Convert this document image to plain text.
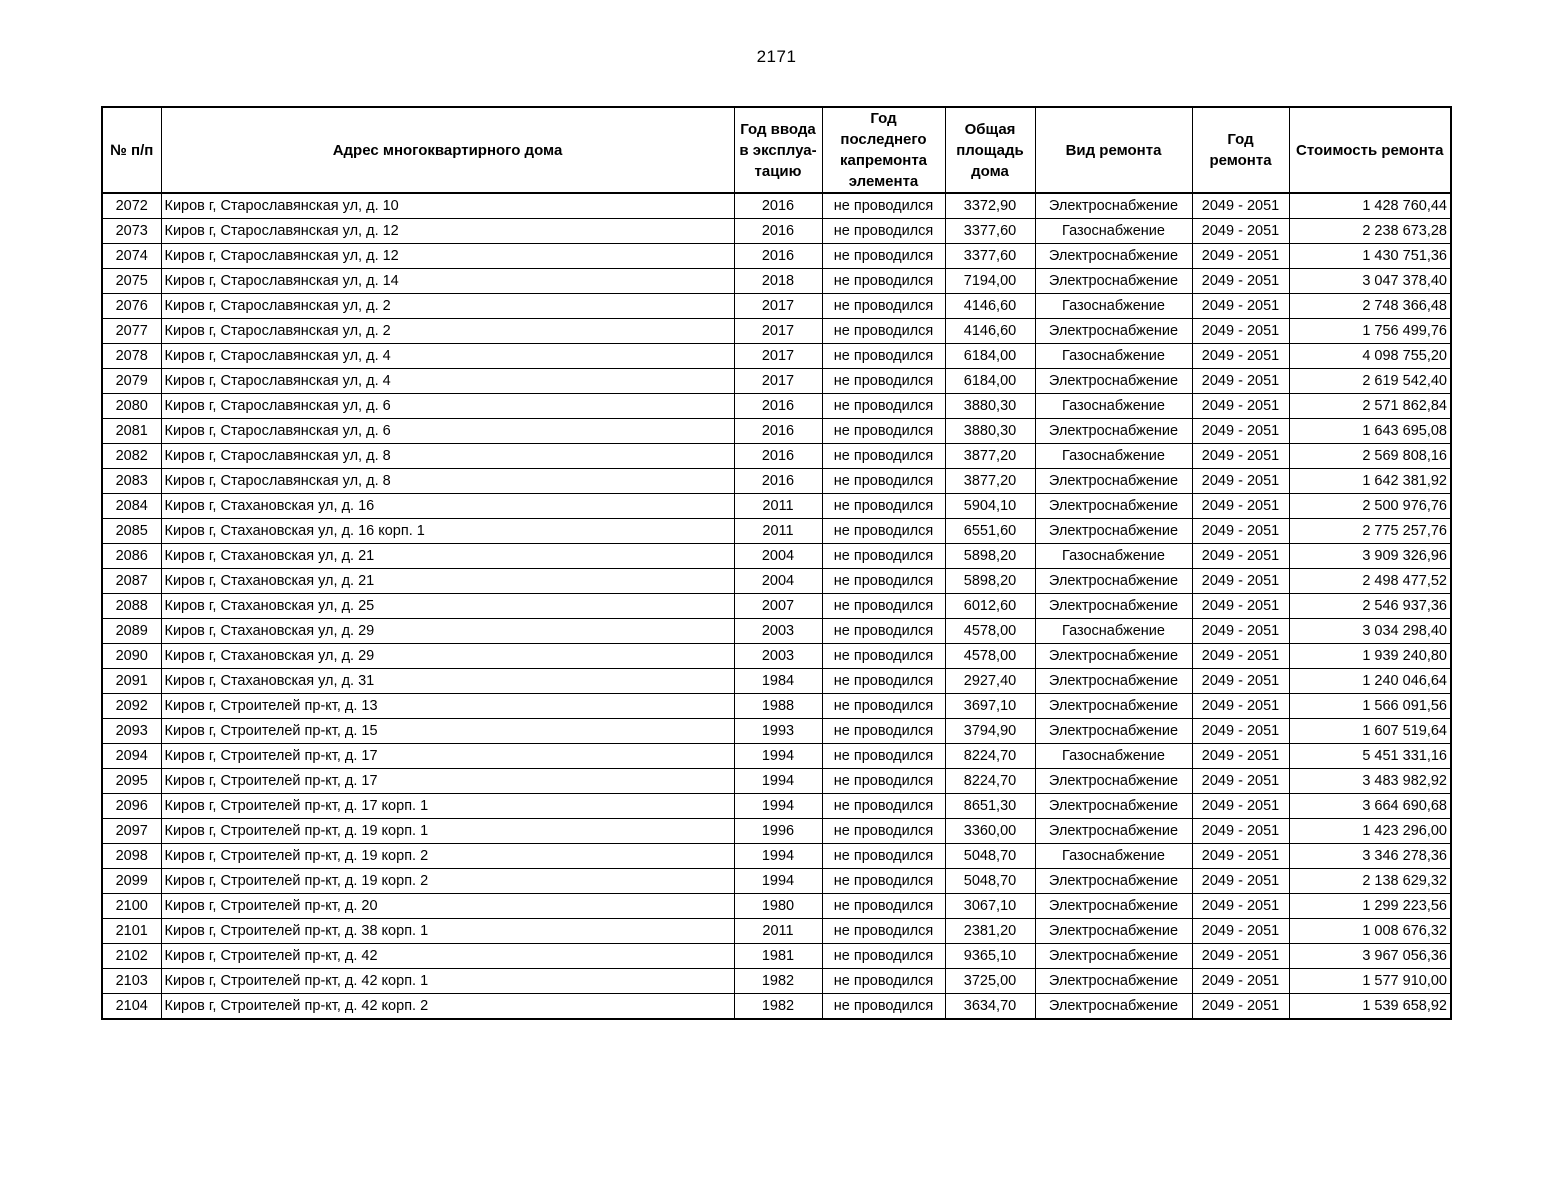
2171
№ п/п	Адрес многоквартирного дома	Год ввода в эксплуа-тацию	Год последнего капремонта элемента	Общая площадь дома	Вид ремонта	Год ремонта	Стоимость ремонта
2072	Киров г, Старославянская ул, д. 10	2016	не проводился	3372,90	Электроснабжение	2049 - 2051	1 428 760,44
2073	Киров г, Старославянская ул, д. 12	2016	не проводился	3377,60	Газоснабжение	2049 - 2051	2 238 673,28
2074	Киров г, Старославянская ул, д. 12	2016	не проводился	3377,60	Электроснабжение	2049 - 2051	1 430 751,36
2075	Киров г, Старославянская ул, д. 14	2018	не проводился	7194,00	Электроснабжение	2049 - 2051	3 047 378,40
2076	Киров г, Старославянская ул, д. 2	2017	не проводился	4146,60	Газоснабжение	2049 - 2051	2 748 366,48
2077	Киров г, Старославянская ул, д. 2	2017	не проводился	4146,60	Электроснабжение	2049 - 2051	1 756 499,76
2078	Киров г, Старославянская ул, д. 4	2017	не проводился	6184,00	Газоснабжение	2049 - 2051	4 098 755,20
2079	Киров г, Старославянская ул, д. 4	2017	не проводился	6184,00	Электроснабжение	2049 - 2051	2 619 542,40
2080	Киров г, Старославянская ул, д. 6	2016	не проводился	3880,30	Газоснабжение	2049 - 2051	2 571 862,84
2081	Киров г, Старославянская ул, д. 6	2016	не проводился	3880,30	Электроснабжение	2049 - 2051	1 643 695,08
2082	Киров г, Старославянская ул, д. 8	2016	не проводился	3877,20	Газоснабжение	2049 - 2051	2 569 808,16
2083	Киров г, Старославянская ул, д. 8	2016	не проводился	3877,20	Электроснабжение	2049 - 2051	1 642 381,92
2084	Киров г, Стахановская ул, д. 16	2011	не проводился	5904,10	Электроснабжение	2049 - 2051	2 500 976,76
2085	Киров г, Стахановская ул, д. 16 корп. 1	2011	не проводился	6551,60	Электроснабжение	2049 - 2051	2 775 257,76
2086	Киров г, Стахановская ул, д. 21	2004	не проводился	5898,20	Газоснабжение	2049 - 2051	3 909 326,96
2087	Киров г, Стахановская ул, д. 21	2004	не проводился	5898,20	Электроснабжение	2049 - 2051	2 498 477,52
2088	Киров г, Стахановская ул, д. 25	2007	не проводился	6012,60	Электроснабжение	2049 - 2051	2 546 937,36
2089	Киров г, Стахановская ул, д. 29	2003	не проводился	4578,00	Газоснабжение	2049 - 2051	3 034 298,40
2090	Киров г, Стахановская ул, д. 29	2003	не проводился	4578,00	Электроснабжение	2049 - 2051	1 939 240,80
2091	Киров г, Стахановская ул, д. 31	1984	не проводился	2927,40	Электроснабжение	2049 - 2051	1 240 046,64
2092	Киров г, Строителей пр-кт, д. 13	1988	не проводился	3697,10	Электроснабжение	2049 - 2051	1 566 091,56
2093	Киров г, Строителей пр-кт, д. 15	1993	не проводился	3794,90	Электроснабжение	2049 - 2051	1 607 519,64
2094	Киров г, Строителей пр-кт, д. 17	1994	не проводился	8224,70	Газоснабжение	2049 - 2051	5 451 331,16
2095	Киров г, Строителей пр-кт, д. 17	1994	не проводился	8224,70	Электроснабжение	2049 - 2051	3 483 982,92
2096	Киров г, Строителей пр-кт, д. 17 корп. 1	1994	не проводился	8651,30	Электроснабжение	2049 - 2051	3 664 690,68
2097	Киров г, Строителей пр-кт, д. 19 корп. 1	1996	не проводился	3360,00	Электроснабжение	2049 - 2051	1 423 296,00
2098	Киров г, Строителей пр-кт, д. 19 корп. 2	1994	не проводился	5048,70	Газоснабжение	2049 - 2051	3 346 278,36
2099	Киров г, Строителей пр-кт, д. 19 корп. 2	1994	не проводился	5048,70	Электроснабжение	2049 - 2051	2 138 629,32
2100	Киров г, Строителей пр-кт, д. 20	1980	не проводился	3067,10	Электроснабжение	2049 - 2051	1 299 223,56
2101	Киров г, Строителей пр-кт, д. 38 корп. 1	2011	не проводился	2381,20	Электроснабжение	2049 - 2051	1 008 676,32
2102	Киров г, Строителей пр-кт, д. 42	1981	не проводился	9365,10	Электроснабжение	2049 - 2051	3 967 056,36
2103	Киров г, Строителей пр-кт, д. 42 корп. 1	1982	не проводился	3725,00	Электроснабжение	2049 - 2051	1 577 910,00
2104	Киров г, Строителей пр-кт, д. 42 корп. 2	1982	не проводился	3634,70	Электроснабжение	2049 - 2051	1 539 658,92
